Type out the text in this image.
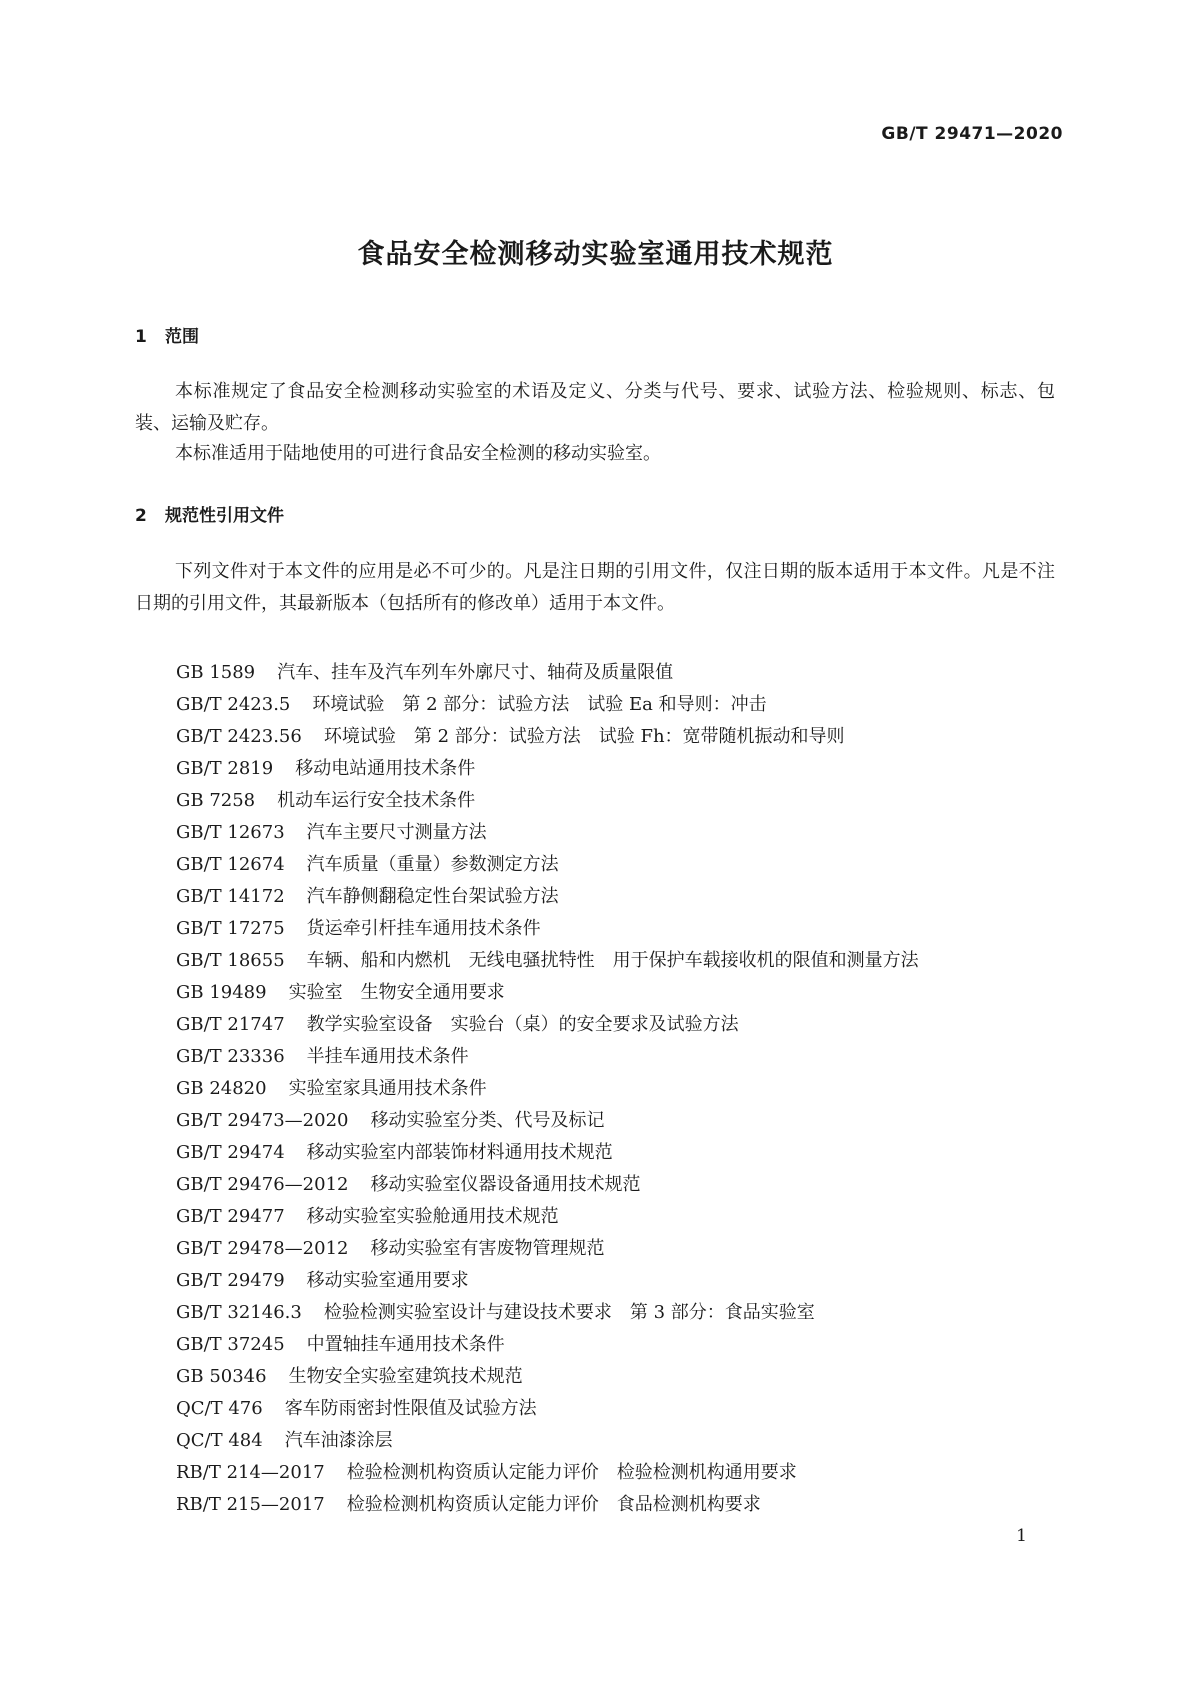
GB/T 29471—2020
食品安全检测移动实验室通用技术规范
1 范围

本标准规定了食品安全检测移动实验室的术语及定义、分类与代号、要求、试验方法、检验规则、标志、包装、运输及贮存。

本标准适用于陆地使用的可进行食品安全检测的移动实验室。

2 规范性引用文件

下列文件对于本文件的应用是必不可少的。凡是注日期的引用文件，仅注日期的版本适用于本文件。凡是不注日期的引用文件，其最新版本（包括所有的修改单）适用于本文件。

GB 1589 汽车、挂车及汽车列车外廓尺寸、轴荷及质量限值
GB/T 2423.5 环境试验　第 2 部分：试验方法　试验 Ea 和导则：冲击
GB/T 2423.56 环境试验　第 2 部分：试验方法　试验 Fh：宽带随机振动和导则
GB/T 2819 移动电站通用技术条件
GB 7258 机动车运行安全技术条件
GB/T 12673 汽车主要尺寸测量方法
GB/T 12674 汽车质量（重量）参数测定方法
GB/T 14172 汽车静侧翻稳定性台架试验方法
GB/T 17275 货运牵引杆挂车通用技术条件
GB/T 18655 车辆、船和内燃机　无线电骚扰特性　用于保护车载接收机的限值和测量方法
GB 19489 实验室　生物安全通用要求
GB/T 21747 教学实验室设备　实验台（桌）的安全要求及试验方法
GB/T 23336 半挂车通用技术条件
GB 24820 实验室家具通用技术条件
GB/T 29473—2020 移动实验室分类、代号及标记
GB/T 29474 移动实验室内部装饰材料通用技术规范
GB/T 29476—2012 移动实验室仪器设备通用技术规范
GB/T 29477 移动实验室实验舱通用技术规范
GB/T 29478—2012 移动实验室有害废物管理规范
GB/T 29479 移动实验室通用要求
GB/T 32146.3 检验检测实验室设计与建设技术要求　第 3 部分：食品实验室
GB/T 37245 中置轴挂车通用技术条件
GB 50346 生物安全实验室建筑技术规范
QC/T 476 客车防雨密封性限值及试验方法
QC/T 484 汽车油漆涂层
RB/T 214—2017 检验检测机构资质认定能力评价　检验检测机构通用要求
RB/T 215—2017 检验检测机构资质认定能力评价　食品检测机构要求
1
